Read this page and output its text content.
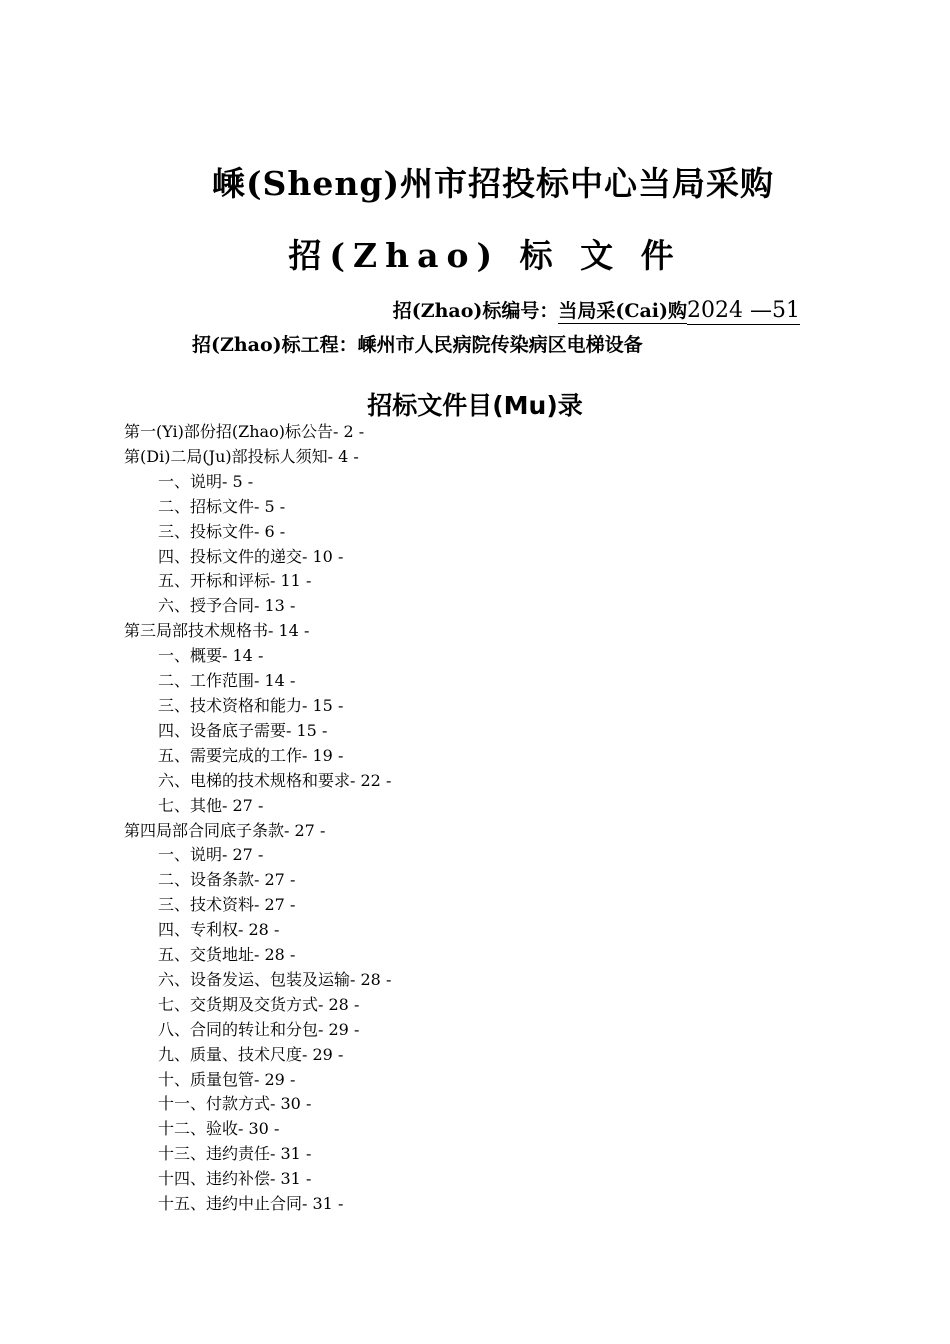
嵊(Sheng)州市招投标中心当局采购
招(Zhao) 标 文 件
招(Zhao)标编号：当局采(Cai)购2024 —51
招(Zhao)标工程：嵊州市人民病院传染病区电梯设备
招标文件目(Mu)录
第一(Yi)部份招(Zhao)标公告- 2 -
第(Di)二局(Ju)部投标人须知- 4 -
一、说明- 5 -
二、招标文件- 5 -
三、投标文件- 6 -
四、投标文件的递交- 10 -
五、开标和评标- 11 -
六、授予合同- 13 -
第三局部技术规格书- 14 -
一、概要- 14 -
二、工作范围- 14 -
三、技术资格和能力- 15 -
四、设备底子需要- 15 -
五、需要完成的工作- 19 -
六、电梯的技术规格和要求- 22 -
七、其他- 27 -
第四局部合同底子条款- 27 -
一、说明- 27 -
二、设备条款- 27 -
三、技术资料- 27 -
四、专利权- 28 -
五、交货地址- 28 -
六、设备发运、包装及运输- 28 -
七、交货期及交货方式- 28 -
八、合同的转让和分包- 29 -
九、质量、技术尺度- 29 -
十、质量包管- 29 -
十一、付款方式- 30 -
十二、验收- 30 -
十三、违约责任- 31 -
十四、违约补偿- 31 -
十五、违约中止合同- 31 -
